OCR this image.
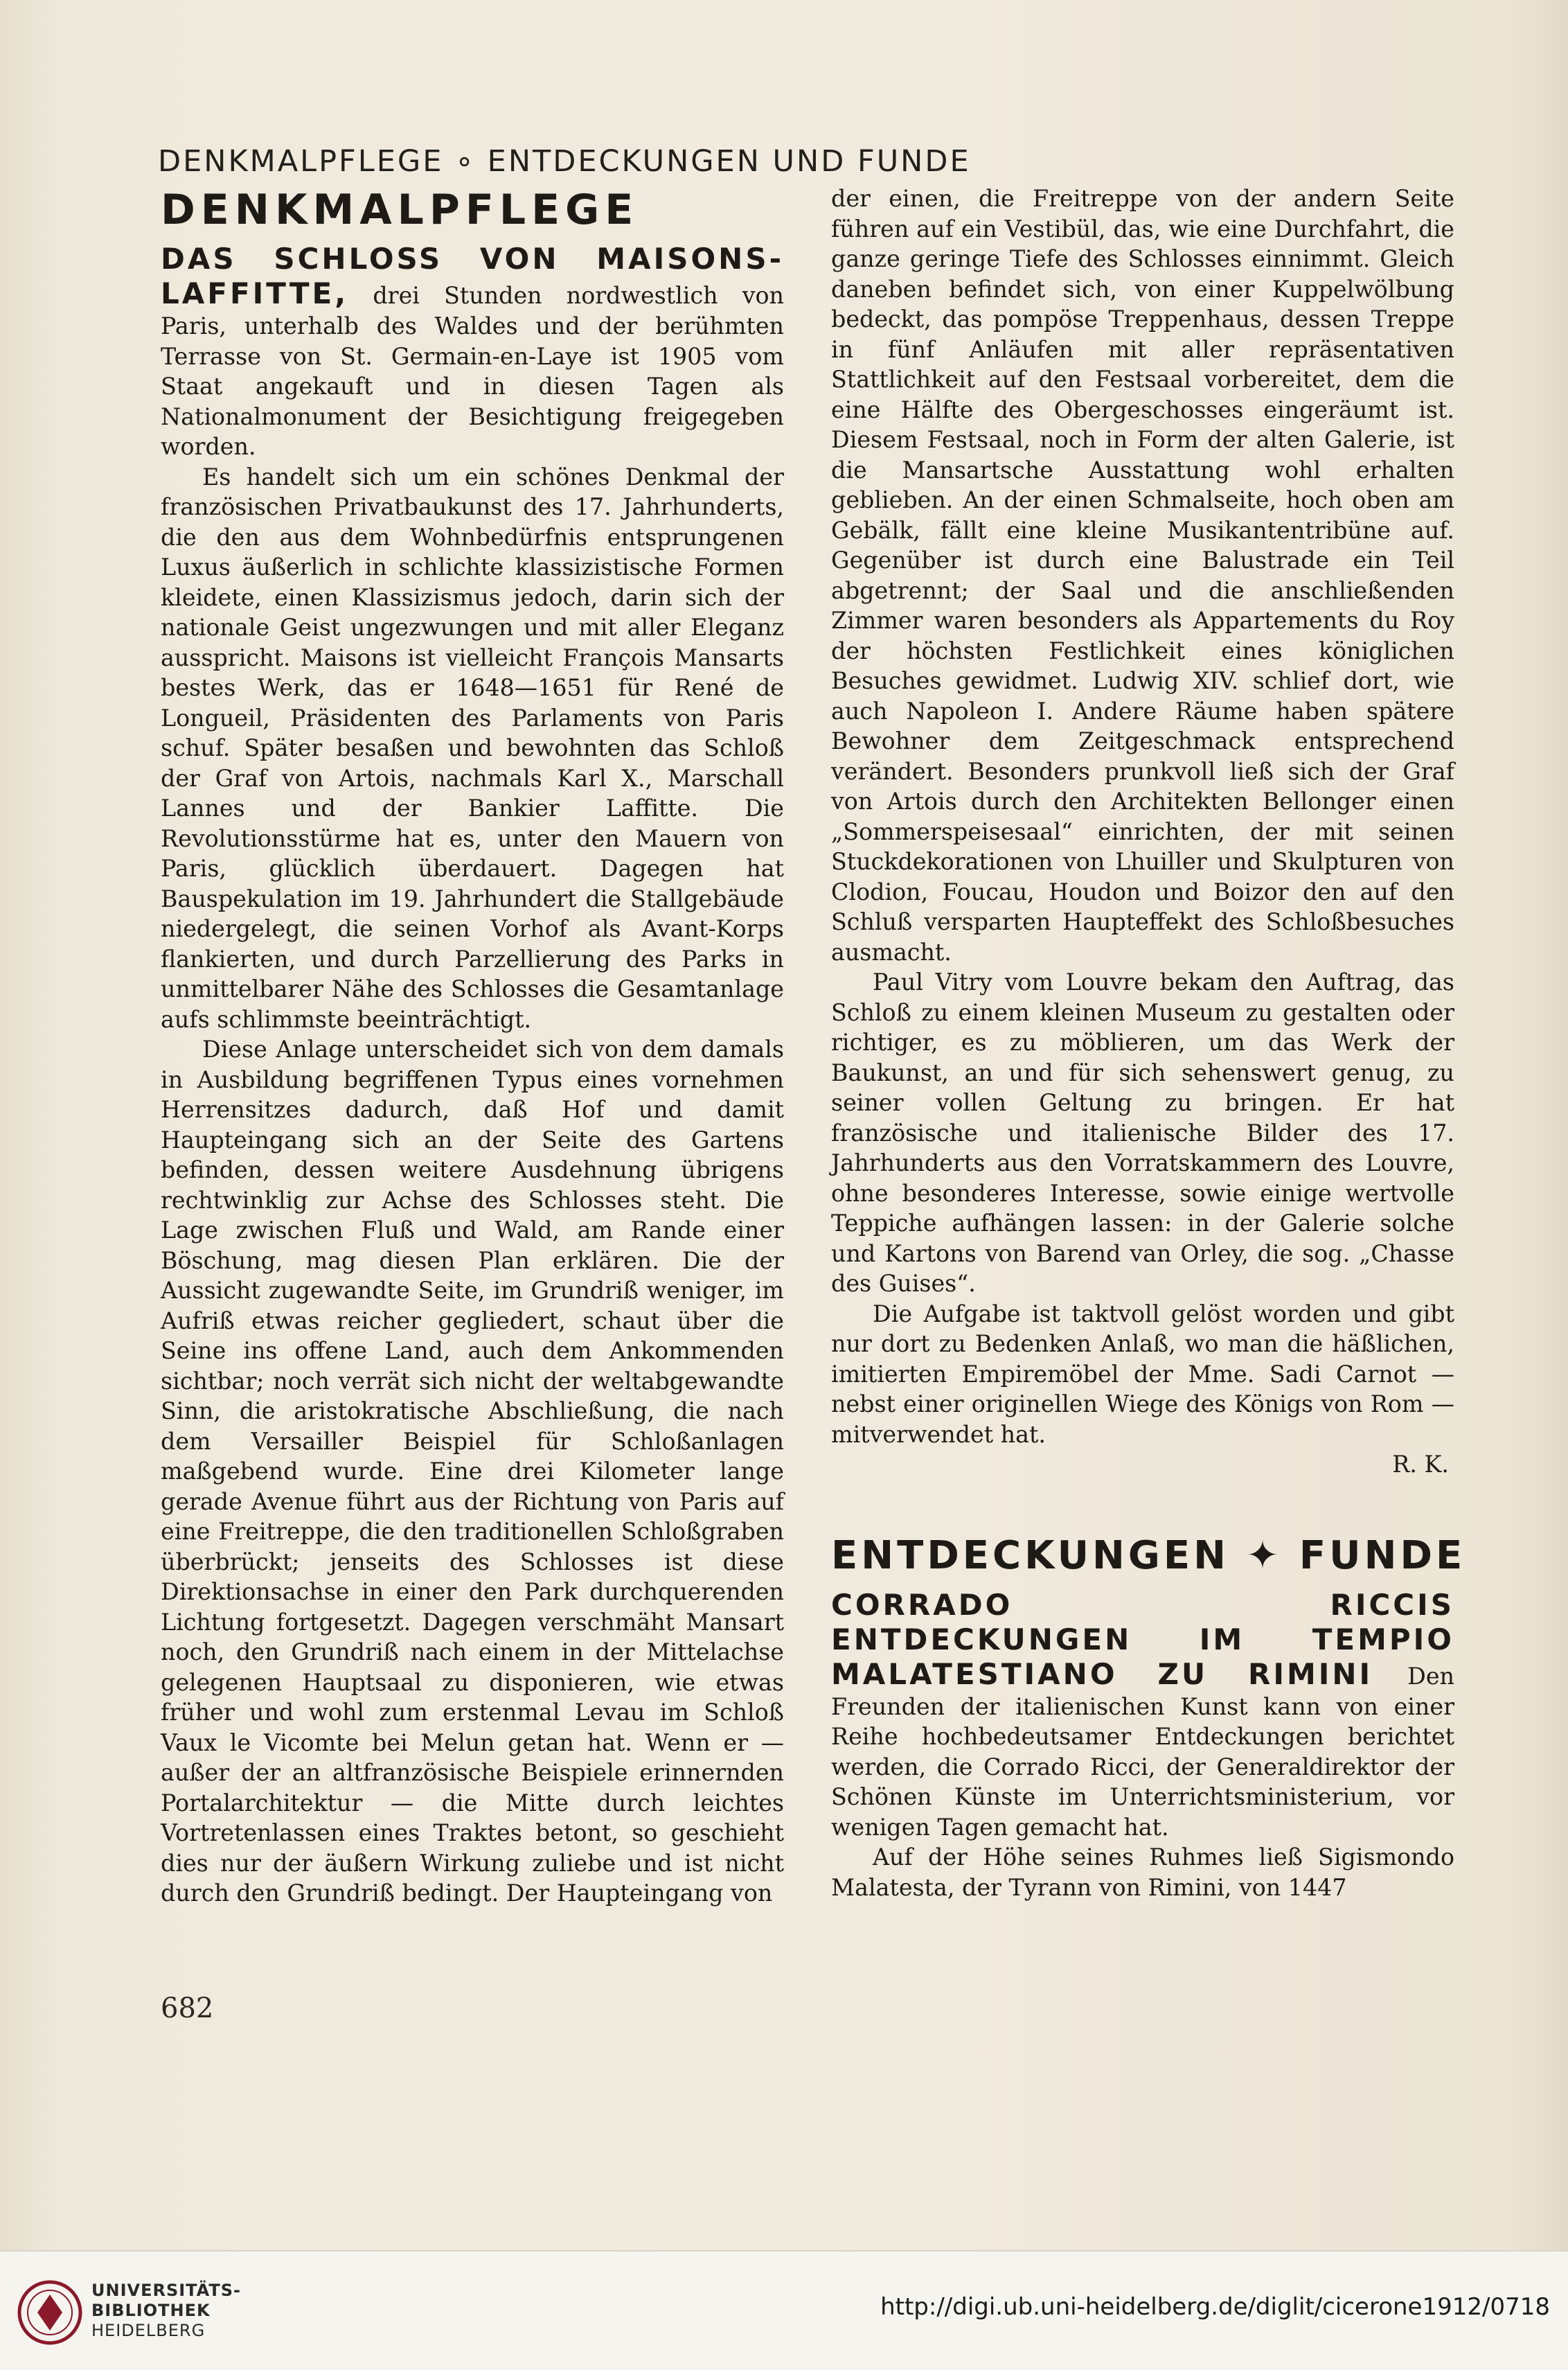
DENKMALPFLEGE ∘ ENTDECKUNGEN UND FUNDE
DENKMALPFLEGE

DAS SCHLOSS VON MAISONS-LAFFITTE, drei Stunden nordwestlich von Paris, unterhalb des Waldes und der berühmten Terrasse von St. Germain-en-Laye ist 1905 vom Staat angekauft und in diesen Tagen als Nationalmonument der Besichtigung freigegeben worden.

Es handelt sich um ein schönes Denkmal der französischen Privatbaukunst des 17. Jahrhunderts, die den aus dem Wohnbedürfnis entsprungenen Luxus äußerlich in schlichte klassizistische Formen kleidete, einen Klassizismus jedoch, darin sich der nationale Geist ungezwungen und mit aller Eleganz ausspricht. Maisons ist vielleicht François Mansarts bestes Werk, das er 1648—1651 für René de Longueil, Präsidenten des Parlaments von Paris schuf. Später besaßen und bewohnten das Schloß der Graf von Artois, nachmals Karl X., Marschall Lannes und der Bankier Laffitte. Die Revolutionsstürme hat es, unter den Mauern von Paris, glücklich überdauert. Dagegen hat Bauspekulation im 19. Jahrhundert die Stallgebäude niedergelegt, die seinen Vorhof als Avant-Korps flankierten, und durch Parzellierung des Parks in unmittelbarer Nähe des Schlosses die Gesamtanlage aufs schlimmste beeinträchtigt.

Diese Anlage unterscheidet sich von dem damals in Ausbildung begriffenen Typus eines vornehmen Herrensitzes dadurch, daß Hof und damit Haupteingang sich an der Seite des Gartens befinden, dessen weitere Ausdehnung übrigens rechtwinklig zur Achse des Schlosses steht. Die Lage zwischen Fluß und Wald, am Rande einer Böschung, mag diesen Plan erklären. Die der Aussicht zugewandte Seite, im Grundriß weniger, im Aufriß etwas reicher gegliedert, schaut über die Seine ins offene Land, auch dem Ankommenden sichtbar; noch verrät sich nicht der weltabgewandte Sinn, die aristokratische Abschließung, die nach dem Versailler Beispiel für Schloßanlagen maßgebend wurde. Eine drei Kilometer lange gerade Avenue führt aus der Richtung von Paris auf eine Freitreppe, die den traditionellen Schloßgraben überbrückt; jenseits des Schlosses ist diese Direktionsachse in einer den Park durchquerenden Lichtung fortgesetzt. Dagegen verschmäht Mansart noch, den Grundriß nach einem in der Mittelachse gelegenen Hauptsaal zu disponieren, wie etwas früher und wohl zum erstenmal Levau im Schloß Vaux le Vicomte bei Melun getan hat. Wenn er — außer der an altfranzösische Beispiele erinnernden Portalarchitektur — die Mitte durch leichtes Vortretenlassen eines Traktes betont, so geschieht dies nur der äußern Wirkung zuliebe und ist nicht durch den Grundriß bedingt. Der Haupteingang von

der einen, die Freitreppe von der andern Seite führen auf ein Vestibül, das, wie eine Durchfahrt, die ganze geringe Tiefe des Schlosses einnimmt. Gleich daneben befindet sich, von einer Kuppelwölbung bedeckt, das pompöse Treppenhaus, dessen Treppe in fünf Anläufen mit aller repräsentativen Stattlichkeit auf den Festsaal vorbereitet, dem die eine Hälfte des Obergeschosses eingeräumt ist. Diesem Festsaal, noch in Form der alten Galerie, ist die Mansartsche Ausstattung wohl erhalten geblieben. An der einen Schmalseite, hoch oben am Gebälk, fällt eine kleine Musikantentribüne auf. Gegenüber ist durch eine Balustrade ein Teil abgetrennt; der Saal und die anschließenden Zimmer waren besonders als Appartements du Roy der höchsten Festlichkeit eines königlichen Besuches gewidmet. Ludwig XIV. schlief dort, wie auch Napoleon I. Andere Räume haben spätere Bewohner dem Zeitgeschmack entsprechend verändert. Besonders prunkvoll ließ sich der Graf von Artois durch den Architekten Bellonger einen „Sommerspeisesaal“ einrichten, der mit seinen Stuckdekorationen von Lhuiller und Skulpturen von Clodion, Foucau, Houdon und Boizor den auf den Schluß versparten Haupteffekt des Schloßbesuches ausmacht.

Paul Vitry vom Louvre bekam den Auftrag, das Schloß zu einem kleinen Museum zu gestalten oder richtiger, es zu möblieren, um das Werk der Baukunst, an und für sich sehenswert genug, zu seiner vollen Geltung zu bringen. Er hat französische und italienische Bilder des 17. Jahrhunderts aus den Vorratskammern des Louvre, ohne besonderes Interesse, sowie einige wertvolle Teppiche aufhängen lassen: in der Galerie solche und Kartons von Barend van Orley, die sog. „Chasse des Guises“.

Die Aufgabe ist taktvoll gelöst worden und gibt nur dort zu Bedenken Anlaß, wo man die häßlichen, imitierten Empiremöbel der Mme. Sadi Carnot — nebst einer originellen Wiege des Königs von Rom — mitverwendet hat.

R. K.

ENTDECKUNGEN ✦ FUNDE

CORRADO RICCIS ENTDECKUNGEN IM TEMPIO MALATESTIANO ZU RIMINI Den Freunden der italienischen Kunst kann von einer Reihe hochbedeutsamer Entdeckungen berichtet werden, die Corrado Ricci, der Generaldirektor der Schönen Künste im Unterrichtsministerium, vor wenigen Tagen gemacht hat.

Auf der Höhe seines Ruhmes ließ Sigismondo Malatesta, der Tyrann von Rimini, von 1447

682
UNIVERSITÄTS-
BIBLIOTHEK
HEIDELBERG
http://digi.ub.uni-heidelberg.de/diglit/cicerone1912/0718
